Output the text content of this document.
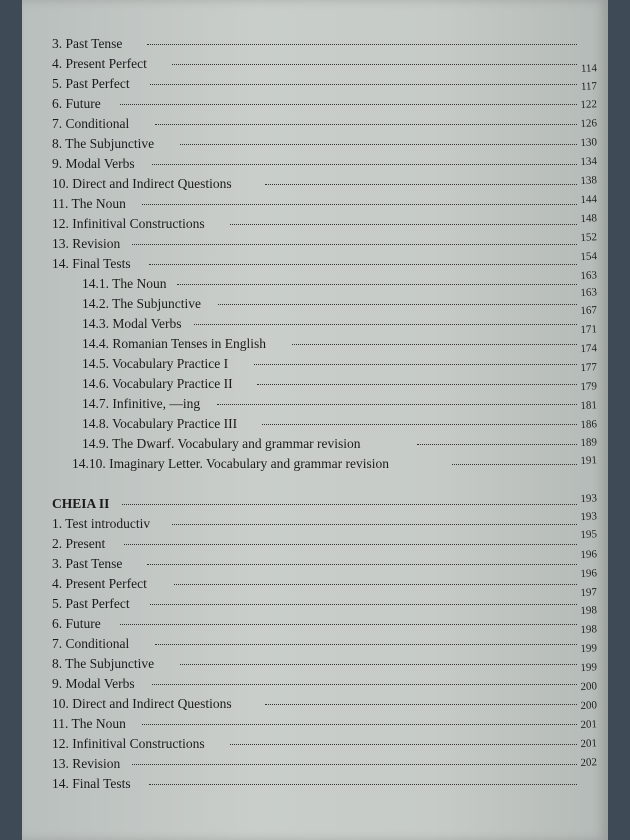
3. Past Tense
4. Present Perfect
5. Past Perfect
6. Future
7. Conditional
8. The Subjunctive
9. Modal Verbs
10. Direct and Indirect Questions
11. The Noun
12. Infinitival Constructions
13. Revision
14. Final Tests
14.1. The Noun
14.2. The Subjunctive
14.3. Modal Verbs
14.4. Romanian Tenses in English
14.5. Vocabulary Practice I
14.6. Vocabulary Practice II
14.7. Infinitive, —ing
14.8. Vocabulary Practice III
14.9. The Dwarf. Vocabulary and grammar revision
14.10. Imaginary Letter. Vocabulary and grammar revision
CHEIA II
1. Test introductiv
2. Present
3. Past Tense
4. Present Perfect
5. Past Perfect
6. Future
7. Conditional
8. The Subjunctive
9. Modal Verbs
10. Direct and Indirect Questions
11. The Noun
12. Infinitival Constructions
13. Revision
14. Final Tests
114
117
122
126
130
134
138
144
148
152
154
163
163
167
171
174
177
179
181
186
189
191
193
193
195
196
196
197
198
198
199
199
200
200
201
201
202
